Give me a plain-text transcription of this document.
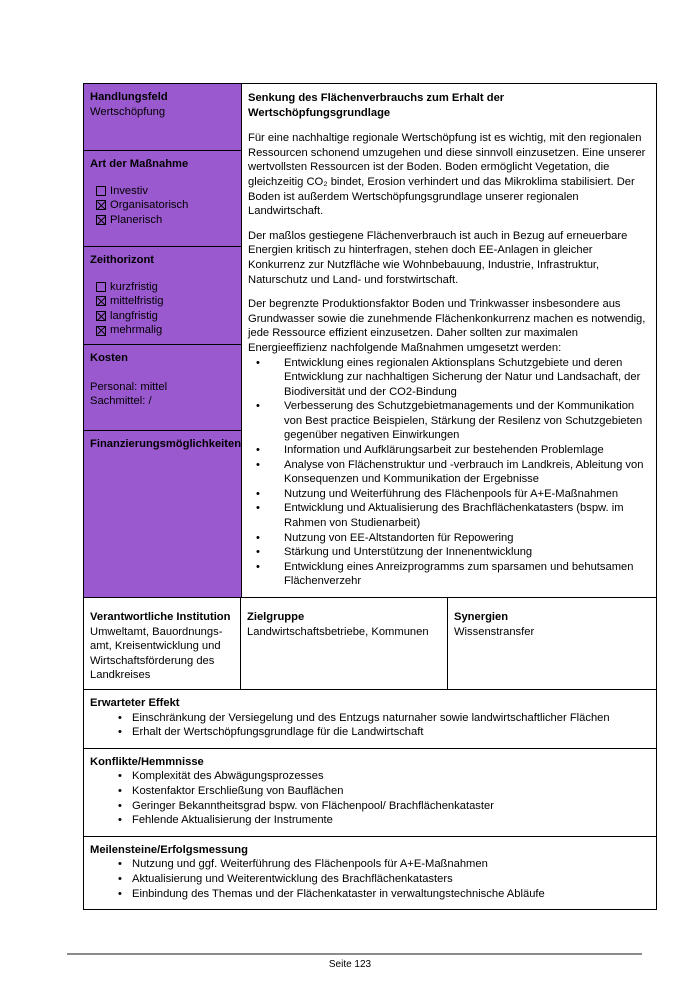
Handlungsfeld
Wertschöpfung
Art der Maßnahme
Investiv
Organisatorisch
Planerisch
Zeithorizont
kurzfristig
mittelfristig
langfristig
mehrmalig
Kosten
Personal: mittel
Sachmittel: /
Finanzierungsmöglichkeiten
Senkung des Flächenverbrauchs zum Erhalt der Wertschöpfungsgrundlage
Für eine nachhaltige regionale Wertschöpfung ist es wichtig, mit den regionalen Ressourcen schonend umzugehen und diese sinnvoll einzusetzen. Eine unserer wertvollsten Ressourcen ist der Boden. Boden ermöglicht Vegetation, die gleichzeitig CO₂ bindet, Erosion verhindert und das Mikroklima stabilisiert. Der Boden ist außerdem Wertschöpfungsgrundlage unserer regionalen Landwirtschaft.
Der maßlos gestiegene Flächenverbrauch ist auch in Bezug auf erneuerbare Energien kritisch zu hinterfragen, stehen doch EE-Anlagen in gleicher Konkurrenz zur Nutzfläche wie Wohnbebauung, Industrie, Infrastruktur, Naturschutz und Land- und forstwirtschaft.
Der begrenzte Produktionsfaktor Boden und Trinkwasser insbesondere aus Grundwasser sowie die zunehmende Flächenkonkurrenz machen es notwendig, jede Ressource effizient einzusetzen. Daher sollten zur maximalen Energieeffizienz nachfolgende Maßnahmen umgesetzt werden:
• Entwicklung eines regionalen Aktionsplans Schutzgebiete und deren Entwicklung zur nachhaltigen Sicherung der Natur und Landsachaft, der Biodiversität und der CO2-Bindung
• Verbesserung des Schutzgebietmanagements und der Kommunikation von Best practice Beispielen, Stärkung der Resilenz von Schutzgebieten gegenüber negativen Einwirkungen
• Information und Aufklärungsarbeit zur bestehenden Problemlage
• Analyse von Flächenstruktur und -verbrauch im Landkreis, Ableitung von Konsequenzen und Kommunikation der Ergebnisse
• Nutzung und Weiterführung des Flächenpools für A+E-Maßnahmen
• Entwicklung und Aktualisierung des Brachflächenkatasters (bspw. im Rahmen von Studienarbeit)
• Nutzung von EE-Altstandorten für Repowering
• Stärkung und Unterstützung der Innenentwicklung
• Entwicklung eines Anreizprogramms zum sparsamen und behutsamen Flächenverzehr
Verantwortliche Institution
Umweltamt, Bauordnungs-amt, Kreisentwicklung und Wirtschaftsförderung des Landkreises
Zielgruppe
Landwirtschaftsbetriebe, Kommunen
Synergien
Wissenstransfer
Erwarteter Effekt
• Einschränkung der Versiegelung und des Entzugs naturnaher sowie landwirtschaftlicher Flächen
• Erhalt der Wertschöpfungsgrundlage für die Landwirtschaft
Konflikte/Hemmnisse
• Komplexität des Abwägungsprozesses
• Kostenfaktor Erschließung von Bauflächen
• Geringer Bekanntheitsgrad bspw. von Flächenpool/ Brachflächenkataster
• Fehlende Aktualisierung der Instrumente
Meilensteine/Erfolgsmessung
• Nutzung und ggf. Weiterführung des Flächenpools für A+E-Maßnahmen
• Aktualisierung und Weiterentwicklung des Brachflächenkatasters
• Einbindung des Themas und der Flächenkataster in verwaltungstechnische Abläufe
Seite 123
